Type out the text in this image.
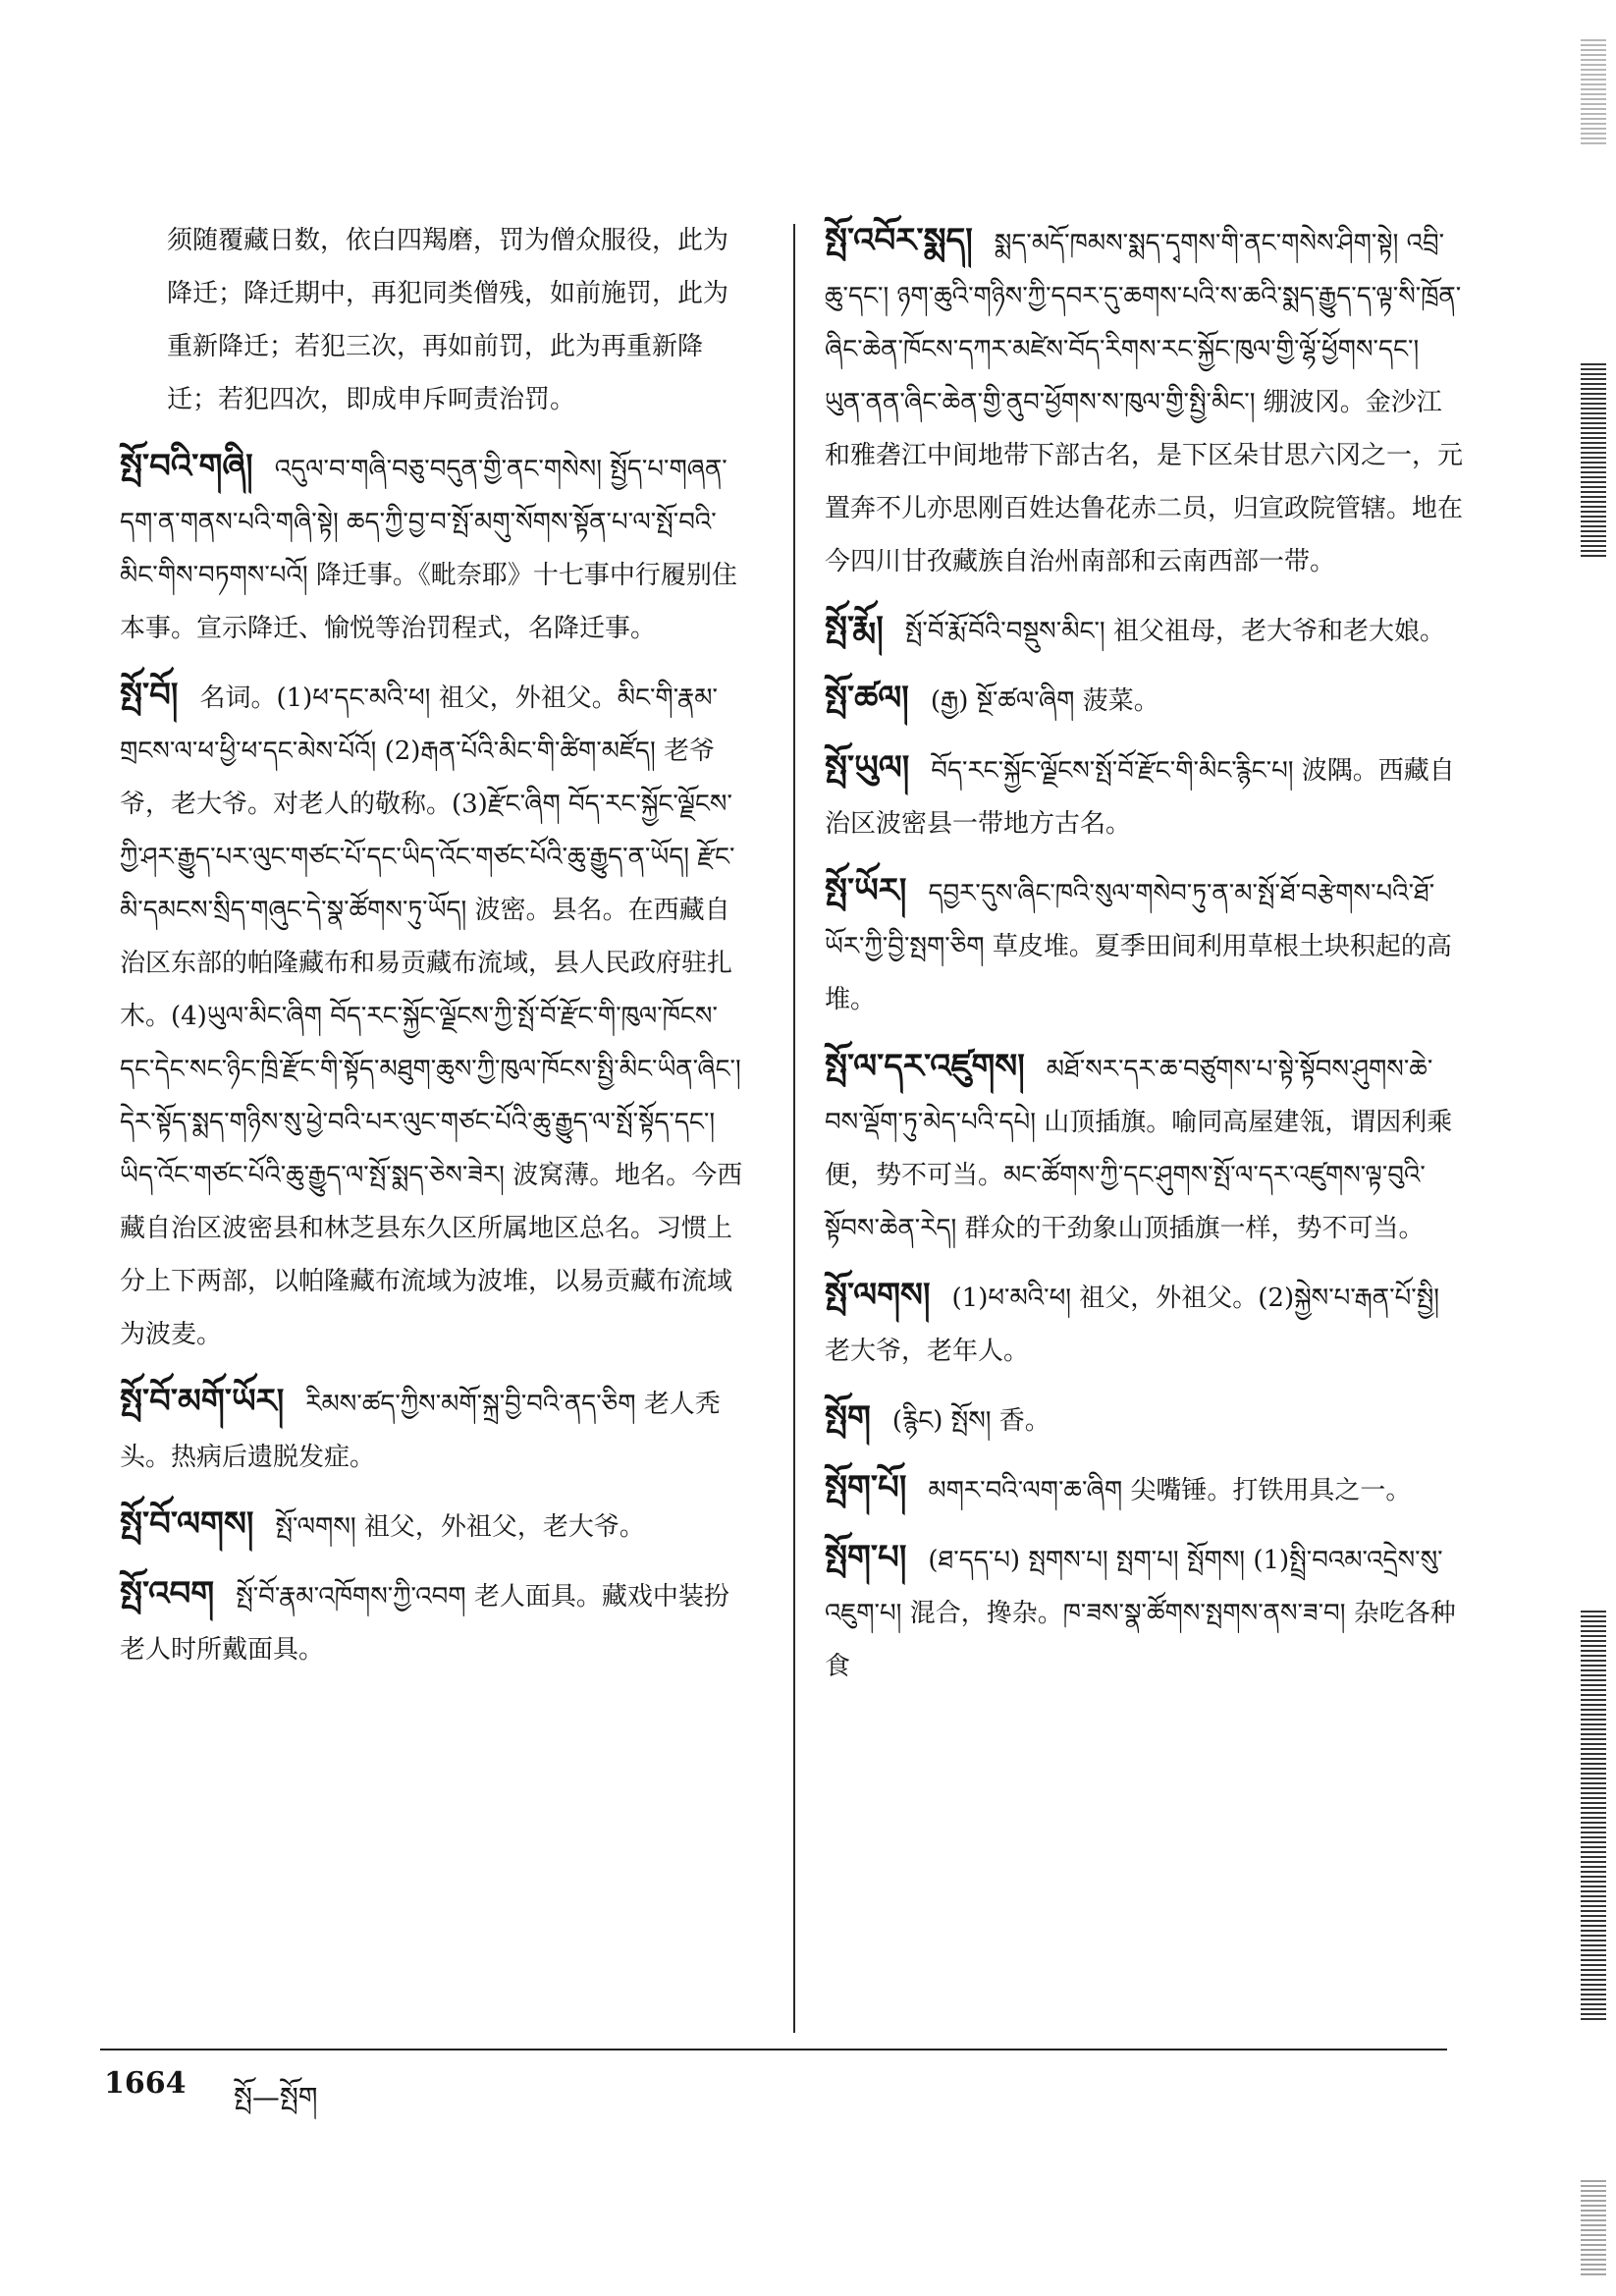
须随覆藏日数，依白四羯磨，罚为僧众服役，此为降迁；降迁期中，再犯同类僧残，如前施罚，此为重新降迁；若犯三次，再如前罚，此为再重新降迁；若犯四次，即成申斥呵责治罚。
སྤོ་བའི་གཞི། འདུལ་བ་གཞི་བཅུ་བདུན་གྱི་ནང་གསེས། སྤྱོད་པ་གཞན་དག་ན་གནས་པའི་གཞི་སྟེ། ཆད་ཀྱི་བྱ་བ་སྤོ་མགུ་སོགས་སྟོན་པ་ལ་སྤོ་བའི་མིང་གིས་བཏགས་པའོ། 降迁事。《毗奈耶》十七事中行履别住本事。宣示降迁、愉悦等治罚程式，名降迁事。
སྤོ་བོ། 名词。(1)ཕ་དང་མའི་ཕ། 祖父，外祖父。མིང་གི་རྣམ་གྲངས་ལ་ཕ་ཕྱི་ཕ་དང་མེས་པོའོ། (2)རྒན་པོའི་མིང་གི་ཚིག་མཛོད། 老爷爷，老大爷。对老人的敬称。(3)རྫོང་ཞིག བོད་རང་སྐྱོང་ལྗོངས་ཀྱི་ཤར་རྒྱུད་པར་ལུང་གཙང་པོ་དང་ཡིད་འོང་གཙང་པོའི་ཆུ་རྒྱུད་ན་ཡོད། རྫོང་མི་དམངས་སྲིད་གཞུང་དེ་སྣ་ཚོགས་ཏུ་ཡོད། 波密。县名。在西藏自治区东部的帕隆藏布和易贡藏布流域，县人民政府驻扎木。(4)ཡུལ་མིང་ཞིག བོད་རང་སྐྱོང་ལྗོངས་ཀྱི་སྤོ་བོ་རྫོང་གི་ཁུལ་ཁོངས་དང་དེང་སང་ཉིང་ཁྲི་རྫོང་གི་སྟོད་མཐུག་ཆུས་ཀྱི་ཁུལ་ཁོངས་སྤྱི་མིང་ཡིན་ཞིང་། དེར་སྟོད་སྨད་གཉིས་སུ་ཕྱེ་བའི་པར་ལུང་གཙང་པོའི་ཆུ་རྒྱུད་ལ་སྤོ་སྟོད་དང་། ཡིད་འོང་གཙང་པོའི་ཆུ་རྒྱུད་ལ་སྤོ་སྨད་ཅེས་ཟེར། 波窝薄。地名。今西藏自治区波密县和林芝县东久区所属地区总名。习惯上分上下两部，以帕隆藏布流域为波堆，以易贡藏布流域为波麦。
སྤོ་བོ་མགོ་ཡོར། རིམས་ཚད་ཀྱིས་མགོ་སྐྲ་བྱི་བའི་ནད་ཅིག 老人秃头。热病后遗脱发症。
སྤོ་བོ་ལགས། སྤོ་ལགས། 祖父，外祖父，老大爷。
སྤོ་འབག སྤོ་བོ་རྣམ་འཁོགས་ཀྱི་འབག 老人面具。藏戏中装扮老人时所戴面具。
སྤོ་འབོར་སྨད། སྨད་མདོ་ཁམས་སྨད་དྭགས་གི་ནང་གསེས་ཤིག་སྟེ། འབྲི་ཆུ་དང་། ཉག་ཆུའི་གཉིས་ཀྱི་དབར་དུ་ཆགས་པའི་ས་ཆའི་སྨད་རྒྱུད་ད་ལྟ་སི་ཁྲོན་ཞིང་ཆེན་ཁོངས་དཀར་མཛེས་བོད་རིགས་རང་སྐྱོང་ཁུལ་གྱི་ལྷོ་ཕྱོགས་དང་། ཡུན་ནན་ཞིང་ཆེན་གྱི་ནུབ་ཕྱོགས་ས་ཁུལ་གྱི་སྤྱི་མིང་། 绷波冈。金沙江和雅砻江中间地带下部古名，是下区朵甘思六冈之一，元置奔不儿亦思刚百姓达鲁花赤二员，归宣政院管辖。地在今四川甘孜藏族自治州南部和云南西部一带。
སྤོ་རྨོ། སྤོ་བོ་རྨོ་བོའི་བསྡུས་མིང་། 祖父祖母，老大爷和老大娘。
སྤོ་ཚལ། (རྒྱ) སྔོ་ཚལ་ཞིག 菠菜。
སྤོ་ཡུལ། བོད་རང་སྐྱོང་ལྗོངས་སྤོ་བོ་རྫོང་གི་མིང་རྙིང་པ། 波隅。西藏自治区波密县一带地方古名。
སྤོ་ཡོར། དབྱར་དུས་ཞིང་ཁའི་སུལ་གསེབ་ཏུ་ན་མ་སྤོ་ཐོ་བརྩེགས་པའི་ཐོ་ཡོར་ཀྱི་བྱི་སྤག་ཅིག 草皮堆。夏季田间利用草根土块积起的高堆。
སྤོ་ལ་དར་འཛུགས། མཐོ་སར་དར་ཆ་བཙུགས་པ་སྟེ་སྟོབས་ཤུགས་ཆེ་བས་ལྡོག་ཏུ་མེད་པའི་དཔེ། 山顶插旗。喻同高屋建瓴，谓因利乘便，势不可当。མང་ཚོགས་ཀྱི་དང་ཤུགས་སྤོ་ལ་དར་འཛུགས་ལྟ་བུའི་སྟོབས་ཆེན་རེད། 群众的干劲象山顶插旗一样，势不可当。
སྤོ་ལགས། (1)ཕ་མའི་ཕ། 祖父，外祖父。(2)སྐྱེས་པ་རྒན་པོ་སྤྱི། 老大爷，老年人。
སྤོག (རྙིང) སྤོས། 香。
སྤོག་པོ། མགར་བའི་ལག་ཆ་ཞིག 尖嘴锤。打铁用具之一。
སྤོག་པ། (ཐ་དད་པ) སྤགས་པ། སྤག་པ། སྤོགས། (1)སྤྲི་བའམ་འདྲེས་སུ་འཇུག་པ། 混合，搀杂。ཁ་ཟས་སྣ་ཚོགས་སྤགས་ནས་ཟ་བ། 杂吃各种食
1664 སྤོ—སྤོག
